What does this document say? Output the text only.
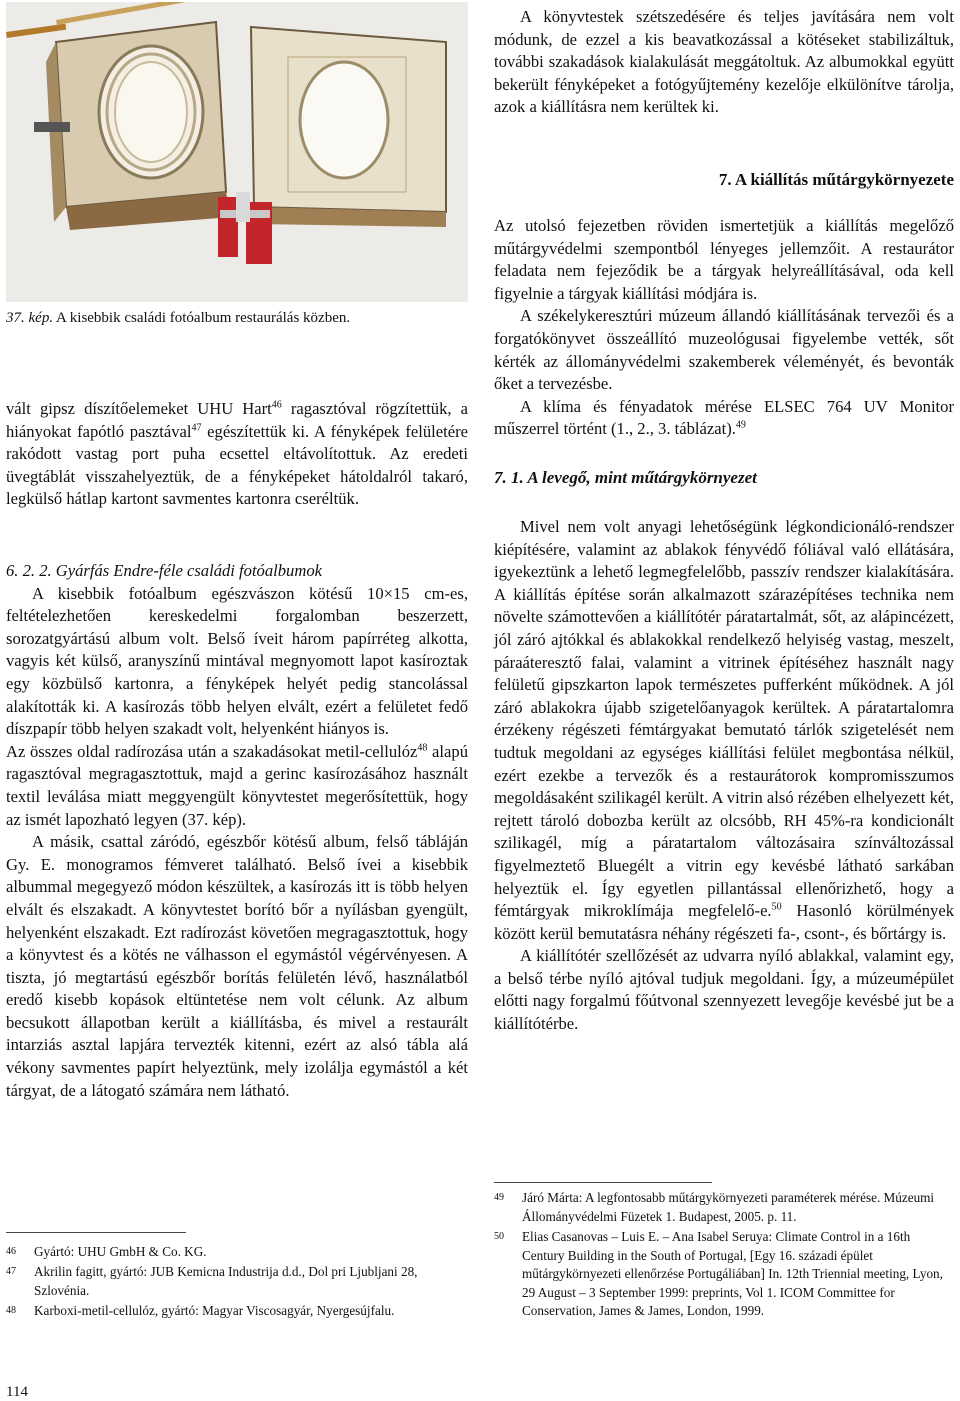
37. kép. A kisebbik családi fotóalbum restaurálás közben.

vált gipsz díszítőelemeket UHU Hart$^{46}$ ragasztóval rögzítettük, a hiányokat fapótló pasztával$^{47}$ egészítettük ki. A fényképek felületére rakódott vastag port puha ecsettel eltávolítottuk. Az eredeti üvegtáblát visszahelyeztük, de a fényképeket hátoldalról takaró, legkülső hátlap kartont savmentes kartonra cseréltük.

6. 2. 2. Gyárfás Endre-féle családi fotóalbumok

A kisebbik fotóalbum egészvászon kötésű 10×15 cm-es, feltételezhetően kereskedelmi forgalomban beszerzett, sorozatgyártású album volt. Belső íveit három papírréteg alkotta, vagyis két külső, aranyszínű mintával megnyomott lapot kasíroztak egy közbülső kartonra, a fényképek helyét pedig stancolással alakították ki. A kasírozás több helyen elvált, ezért a felületet fedő díszpapír több helyen szakadt volt, helyenként hiányos is.

Az összes oldal radírozása után a szakadásokat metil-cellulóz$^{48}$ alapú ragasztóval megragasztottuk, majd a gerinc kasírozásához használt textil leválása miatt meggyengült könyvtestet megerősítettük, hogy az ismét lapozható legyen (37. kép).

A másik, csattal záródó, egészbőr kötésű album, felső tábláján Gy. E. monogramos fémveret található. Belső ívei a kisebbik albummal megegyező módon készültek, a kasírozás itt is több helyen elvált és elszakadt. A könyvtestet borító bőr a nyílásban gyengült, helyenként elszakadt. Ezt radírozást követően megragasztottuk, hogy a könyvtest és a kötés ne válhasson el egymástól végérvényesen. A tiszta, jó megtartású egészbőr borítás felületén lévő, használatból eredő kisebb kopások eltüntetése nem volt célunk. Az album becsukott állapotban került a kiállításba, és mivel a restaurált intarziás asztal lapjára tervezték kitenni, ezért az alsó tábla alá vékony savmentes papírt helyeztünk, mely izolálja egymástól a két tárgyat, de a látogató számára nem látható.

A könyvtestek szétszedésére és teljes javítására nem volt módunk, de ezzel a kis beavatkozással a kötéseket stabilizáltuk, további szakadások kialakulását meggátoltuk. Az albumokkal együtt bekerült fényképeket a fotógyűjtemény kezelője elkülönítve tárolja, azok a kiállításra nem kerültek ki.

7. A kiállítás műtárgykörnyezete

Az utolsó fejezetben röviden ismertetjük a kiállítás megelőző műtárgyvédelmi szempontból lényeges jellemzőit. A restaurátor feladata nem fejeződik be a tárgyak helyreállításával, oda kell figyelnie a tárgyak kiállítási módjára is.

A székelykeresztúri múzeum állandó kiállításának tervezői és a forgatókönyvet összeállító muzeológusai figyelembe vették, sőt kérték az állományvédelmi szakemberek véleményét, és bevonták őket a tervezésbe.

A klíma és fényadatok mérése ELSEC 764 UV Monitor műszerrel történt (1., 2., 3. táblázat).$^{49}$

7. 1. A levegő, mint műtárgykörnyezet

Mivel nem volt anyagi lehetőségünk légkondicionáló-rendszer kiépítésére, valamint az ablakok fényvédő fóliával való ellátására, igyekeztünk a lehető legmegfelelőbb, passzív rendszer kialakítására. A kiállítás építése során alkalmazott szárazépítéses technika nem növelte számottevően a kiállítótér páratartalmát, sőt, az alápincézett, jól záró ajtókkal és ablakokkal rendelkező helyiség vastag, meszelt, páraáteresztő falai, valamint a vitrinek építéséhez használt nagy felületű gipszkarton lapok természetes pufferként működnek. A jól záró ablakokra újabb szigetelőanyagok kerültek. A páratartalomra érzékeny régészeti fémtárgyakat bemutató tárlók szigetelését nem tudtuk megoldani az egységes kiállítási felület megbontása nélkül, ezért ezekbe a tervezők és a restaurátorok kompromisszumos megoldásaként szilikagél került. A vitrin alsó rézében elhelyezett két, rejtett tároló dobozba került az olcsóbb, RH 45%-ra kondicionált szilikagél, míg a páratartalom változásaira színváltozással figyelmeztető Bluegélt a vitrin egy kevésbé látható sarkában helyeztük el. Így egyetlen pillantással ellenőrizhető, hogy a fémtárgyak mikroklímája megfelelő-e.$^{50}$ Hasonló körülmények között kerül bemutatásra néhány régészeti fa-, csont-, és bőrtárgy is.

A kiállítótér szellőzését az udvarra nyíló ablakkal, valamint egy, a belső térbe nyíló ajtóval tudjuk megoldani. Így, a múzeumépület előtti nagy forgalmú főútvonal szennyezett levegője kevésbé jut be a kiállítótérbe.

46	Gyártó: UHU GmbH & Co. KG.
47	Akrilin fagitt, gyártó: JUB Kemicna Industrija d.d., Dol pri Ljubljani 28, Szlovénia.
48	Karboxi-metil-cellulóz, gyártó: Magyar Viscosagyár, Nyergesújfalu.
49	Járó Márta: A legfontosabb műtárgykörnyezeti paraméterek mérése. Múzeumi Állományvédelmi Füzetek 1. Budapest, 2005. p. 11.
50	Elias Casanovas – Luis E. – Ana Isabel Seruya: Climate Control in a 16th Century Building in the South of Portugal, [Egy 16. századi épület műtárgykörnyezeti ellenőrzése Portugáliában] In. 12th Triennial meeting, Lyon, 29 August – 3 September 1999: preprints, Vol 1. ICOM Committee for Conservation, James & James, London, 1999.
114
